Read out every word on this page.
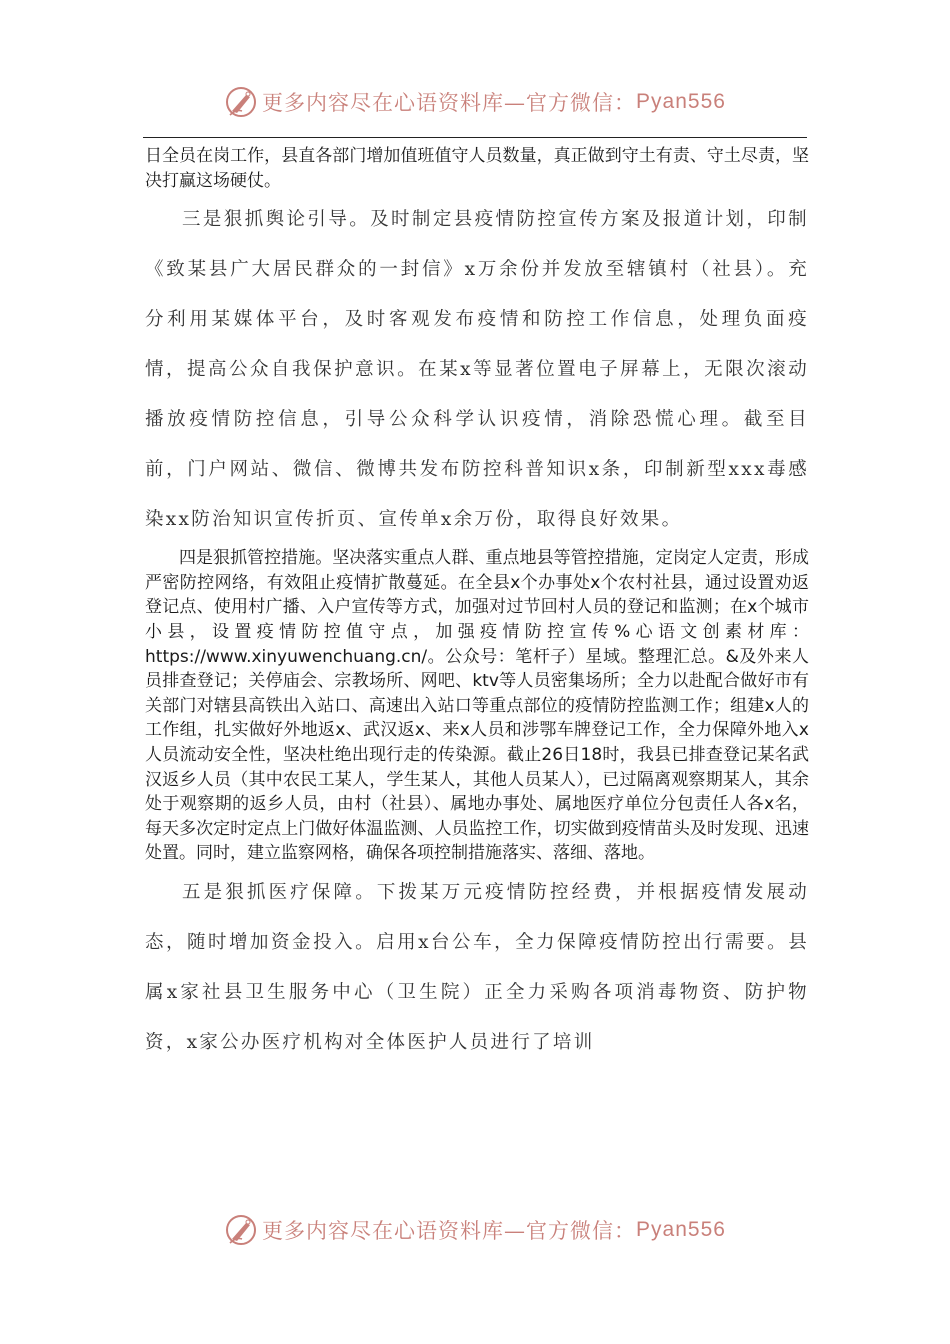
更多内容尽在心语资料库—官方微信： Pyan556

日全员在岗工作，县直各部门增加值班值守人员数量，真正做到守土有责、守土尽责，坚决打赢这场硬仗。

三是狠抓舆论引导。及时制定县疫情防控宣传方案及报道计划，印制《致某县广大居民群众的一封信》x万余份并发放至辖镇村（社县）。充分利用某媒体平台，及时客观发布疫情和防控工作信息，处理负面疫情，提高公众自我保护意识。在某x等显著位置电子屏幕上，无限次滚动播放疫情防控信息，引导公众科学认识疫情，消除恐慌心理。截至目前，门户网站、微信、微博共发布防控科普知识x条，印制新型xxx毒感染xx防治知识宣传折页、宣传单x余万份，取得良好效果。

四是狠抓管控措施。坚决落实重点人群、重点地县等管控措施，定岗定人定责，形成严密防控网络，有效阻止疫情扩散蔓延。在全县x个办事处x个农村社县，通过设置劝返登记点、使用村广播、入户宣传等方式，加强对过节回村人员的登记和监测；在x个城市小县，设置疫情防控值守点，加强疫情防控宣传%心语文创素材库：https://www.xinyuwenchuang.cn/。公众号：笔杆子）星域。整理汇总。&及外来人员排查登记；关停庙会、宗教场所、网吧、ktv等人员密集场所；全力以赴配合做好市有关部门对辖县高铁出入站口、高速出入站口等重点部位的疫情防控监测工作；组建x人的工作组，扎实做好外地返x、武汉返x、来x人员和涉鄂车牌登记工作，全力保障外地入x人员流动安全性，坚决杜绝出现行走的传染源。截止26日18时，我县已排查登记某名武汉返乡人员（其中农民工某人，学生某人，其他人员某人），已过隔离观察期某人，其余处于观察期的返乡人员，由村（社县）、属地办事处、属地医疗单位分包责任人各x名，每天多次定时定点上门做好体温监测、人员监控工作，切实做到疫情苗头及时发现、迅速处置。同时，建立监察网格，确保各项控制措施落实、落细、落地。

五是狠抓医疗保障。下拨某万元疫情防控经费，并根据疫情发展动态，随时增加资金投入。启用x台公车，全力保障疫情防控出行需要。县属x家社县卫生服务中心（卫生院）正全力采购各项消毒物资、防护物资，x家公办医疗机构对全体医护人员进行了培训

更多内容尽在心语资料库—官方微信： Pyan556
